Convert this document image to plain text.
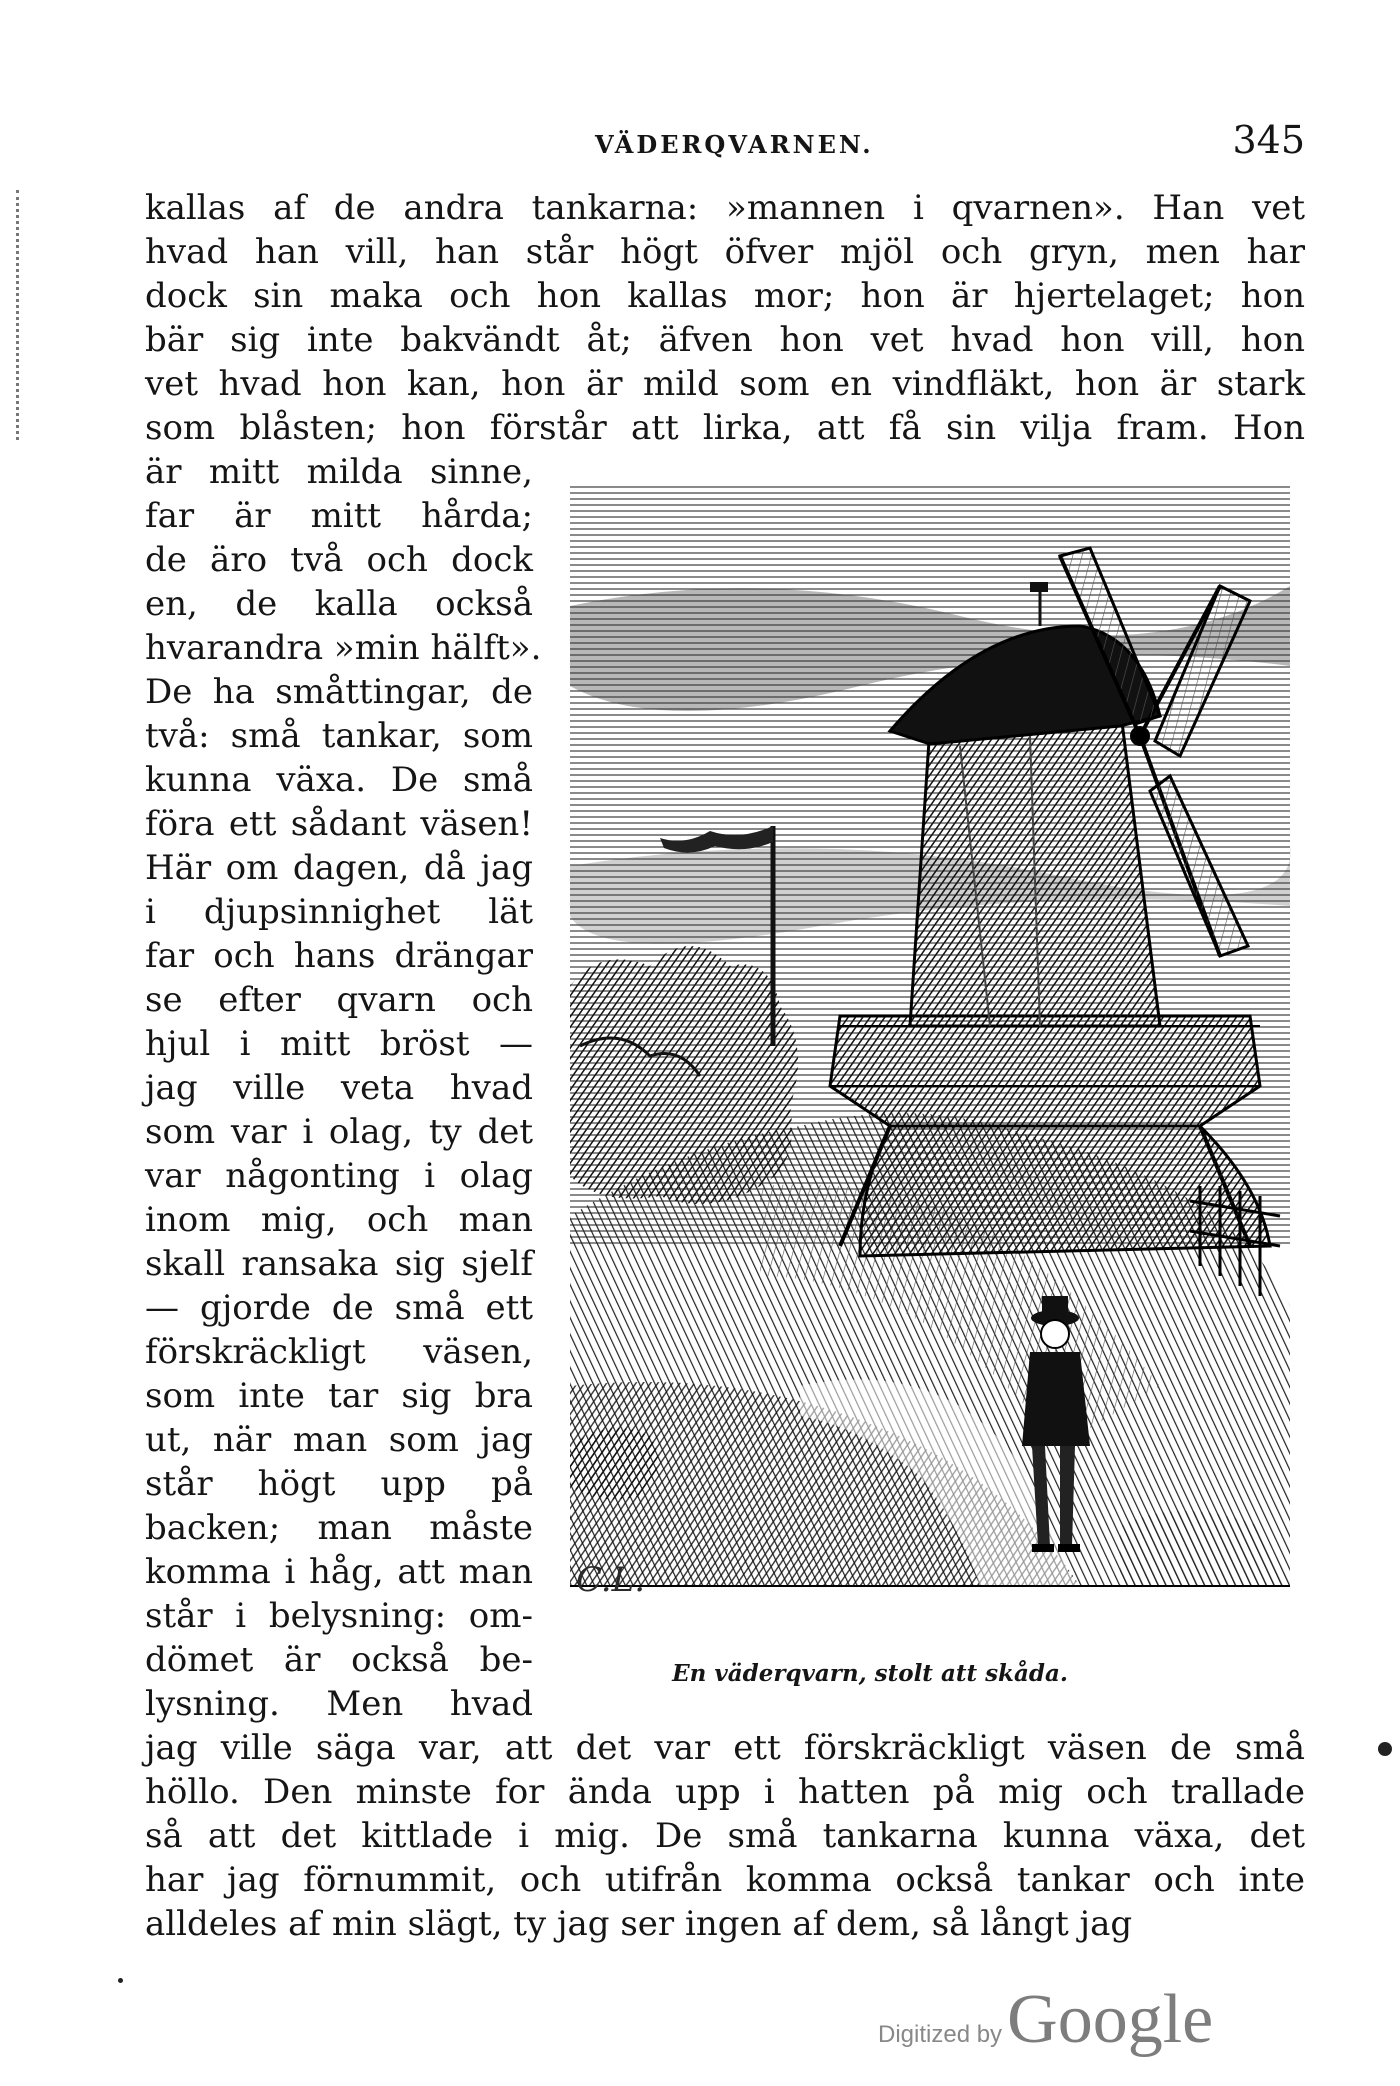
VÄDERQVARNEN.	345
kallas af de andra tankarna: »mannen i qvarnen». Han vet
hvad han vill, han står högt öfver mjöl och gryn, men har
dock sin maka och hon kallas mor; hon är hjertelaget; hon
bär sig inte bakvändt åt; äfven hon vet hvad hon vill, hon
vet hvad hon kan, hon är mild som en vindfläkt, hon är stark
som blåsten; hon förstår att lirka, att få sin vilja fram. Hon
är mitt milda sinne,
far är mitt hårda;
de äro två och dock
en, de kalla också
hvarandra »min hälft».
De ha småttingar, de
två: små tankar, som
kunna växa. De små
föra ett sådant väsen!
Här om dagen, då jag
i djupsinnighet lät
far och hans drängar
se efter qvarn och
hjul i mitt bröst —
jag ville veta hvad
som var i olag, ty det
var någonting i olag
inom mig, och man
skall ransaka sig sjelf
— gjorde de små ett
förskräckligt väsen,
som inte tar sig bra
ut, när man som jag
står högt upp på
backen; man måste
komma i håg, att man
står i belysning: om-
dömet är också be-
lysning. Men hvad
jag ville säga var, att det var ett förskräckligt väsen de små
höllo. Den minste for ända upp i hatten på mig och trallade
så att det kittlade i mig. De små tankarna kunna växa, det
har jag förnummit, och utifrån komma också tankar och inte
alldeles af min slägt, ty jag ser ingen af dem, så långt jag
C.L.
En väderqvarn, stolt att skåda.
Digitized by Google
